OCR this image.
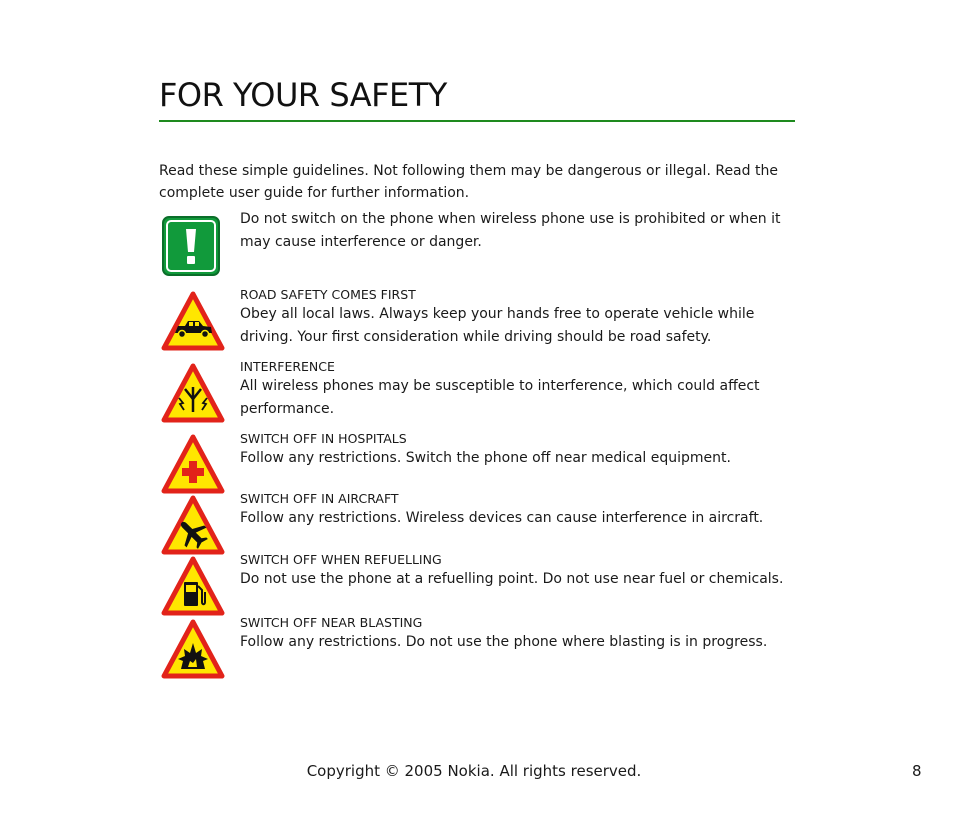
FOR YOUR SAFETY

Read these simple guidelines. Not following them may be dangerous or illegal. Read the complete user guide for further information.

Do not switch on the phone when wireless phone use is prohibited or when it may cause interference or danger.
ROAD SAFETY COMES FIRST
Obey all local laws. Always keep your hands free to operate vehicle while driving. Your first consideration while driving should be road safety.
INTERFERENCE
All wireless phones may be susceptible to interference, which could affect performance.
SWITCH OFF IN HOSPITALS
Follow any restrictions. Switch the phone off near medical equipment.
SWITCH OFF IN AIRCRAFT
Follow any restrictions. Wireless devices can cause interference in aircraft.
SWITCH OFF WHEN REFUELLING
Do not use the phone at a refuelling point. Do not use near fuel or chemicals.
SWITCH OFF NEAR BLASTING
Follow any restrictions. Do not use the phone where blasting is in progress.
Copyright © 2005 Nokia. All rights reserved.	8
